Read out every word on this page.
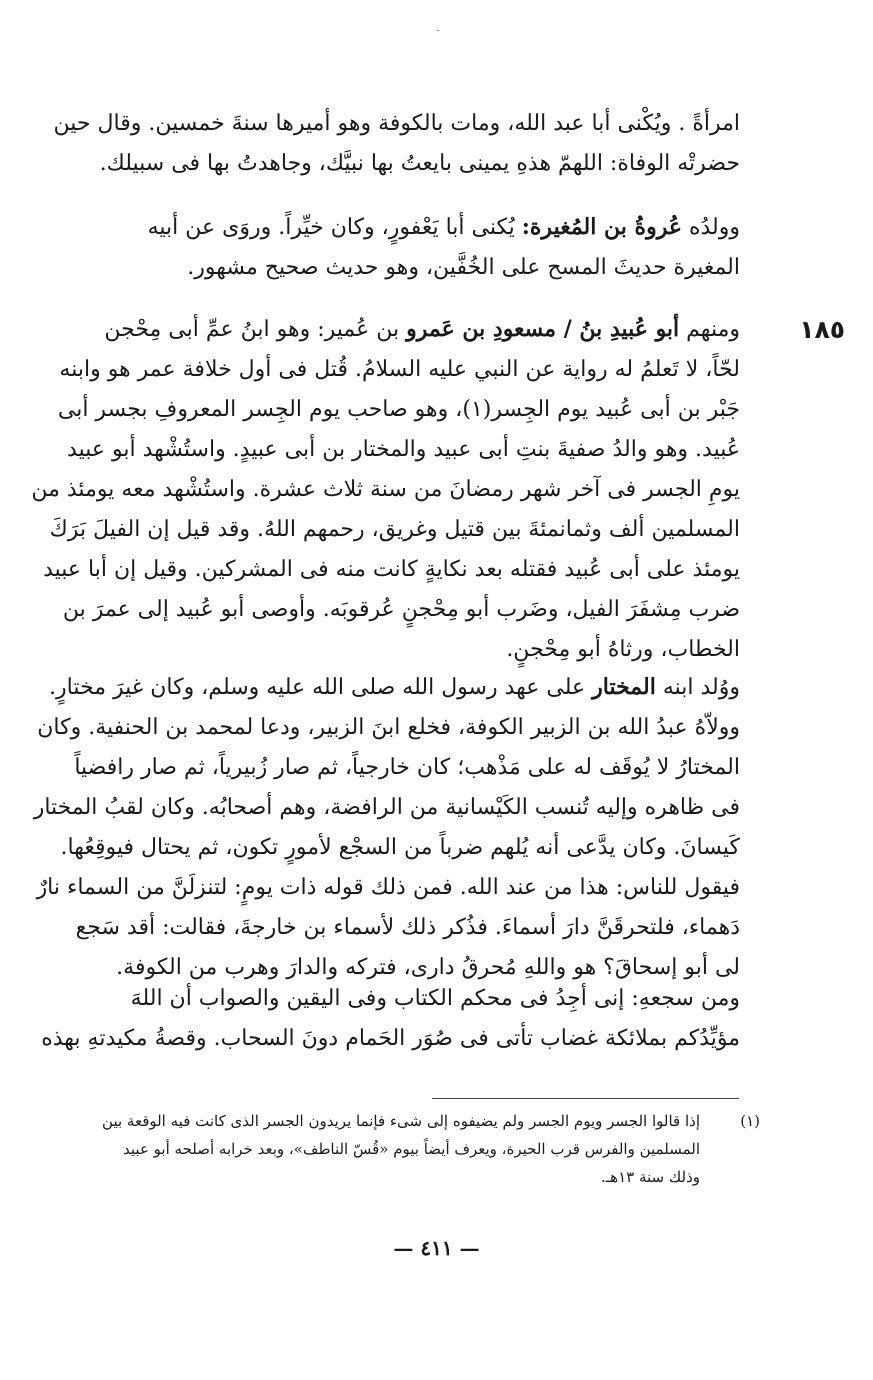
امرأةً . ويُكْنى أبا عبد الله، ومات بالكوفة وهو أميرها سنةَ خمسين. وقال حين
حضرتْه الوفاة: اللهمّ هذهِ يمينى بايعتُ بها نبيَّك، وجاهدتُ بها فى سبيلك.
وولدُه عُروةُ بن المُغيرة: يُكنى أبا يَعْفورٍ، وكان خيِّراً. وروَى عن أبيه
المغيرة حديثَ المسح على الخُفَّين، وهو حديث صحيح مشهور.
١٨٥
ومنهم أبو عُبيدِ بنُ / مسعودِ بن عَمرو بن عُمير: وهو ابنُ عمِّ أبى مِحْجن
لحّاً، لا تَعلمُ له رواية عن النبي عليه السلامُ. قُتل فى أول خلافة عمر هو وابنه
جَبْر بن أبى عُبيد يوم الجِسر(١)، وهو صاحب يوم الجِسر المعروفِ بجسر أبى
عُبيد. وهو والدُ صفيةَ بنتِ أبى عبيد والمختار بن أبى عبيدٍ. واستُشْهد أبو عبيد
يومِ الجسر فى آخر شهر رمضانَ من سنة ثلاث عشرة. واستُشْهد معه يومئذ من
المسلمين ألف وثمانمئةَ بين قتيل وغريق، رحمهم اللهُ. وقد قيل إن الفيلَ بَرَكَ
يومئذ على أبى عُبيد فقتله بعد نكايةٍ كانت منه فى المشركين. وقيل إن أبا عبيد
ضرب مِشفَرَ الفيل، وضَرب أبو مِحْجنٍ عُرقوبَه. وأوصى أبو عُبيد إلى عمرَ بن
الخطاب، ورثاهُ أبو مِحْجنٍ.
ووُلد ابنه المختار على عهد رسول الله صلى الله عليه وسلم، وكان غيرَ مختارٍ.
وولاّهُ عبدُ الله بن الزبير الكوفة، فخلع ابنَ الزبير، ودعا لمحمد بن الحنفية. وكان
المختارُ لا يُوقَف له على مَذْهب؛ كان خارجياً، ثم صار زُبيرياً، ثم صار رافضياً
فى ظاهره وإليه تُنسب الكَيْسانية من الرافضة، وهم أصحابُه. وكان لقبُ المختار
كَيسانَ. وكان يدَّعى أنه يُلهم ضرباً من السجْع لأمورٍ تكون، ثم يحتال فيوقِعُها.
فيقول للناس: هذا من عند الله. فمن ذلك قوله ذات يومٍ: لتنزلَنَّ من السماء نارٌ
دَهماء، فلتحرقَنَّ دارَ أسماءَ. فذُكر ذلك لأسماء بن خارجةَ، فقالت: أقد سَجع
لى أبو إسحاقَ؟ هو واللهِ مُحرقُ دارى، فتركه والدارَ وهرب من الكوفة.
ومن سجعهِ: إنى أجِدُ فى محكم الكتاب وفى اليقين والصواب أن اللهَ
مؤيِّدُكم بملائكة غضاب تأتى فى صُوَر الحَمام دونَ السحاب. وقصةُ مكيدتهِ بهذه
(١)
إذا قالوا الجسر ويوم الجسر ولم يضيفوه إلى شىء فإنما يريدون الجسر الذى كانت فيه الوقعة بين
المسلمين والفرس قرب الحيرة، ويعرف أيضاً بيوم «قُسّ الناطف»، وبعد خرابه أصلحه أبو عبيد
وذلك سنة ١٣هـ.
— ٤١١ —
